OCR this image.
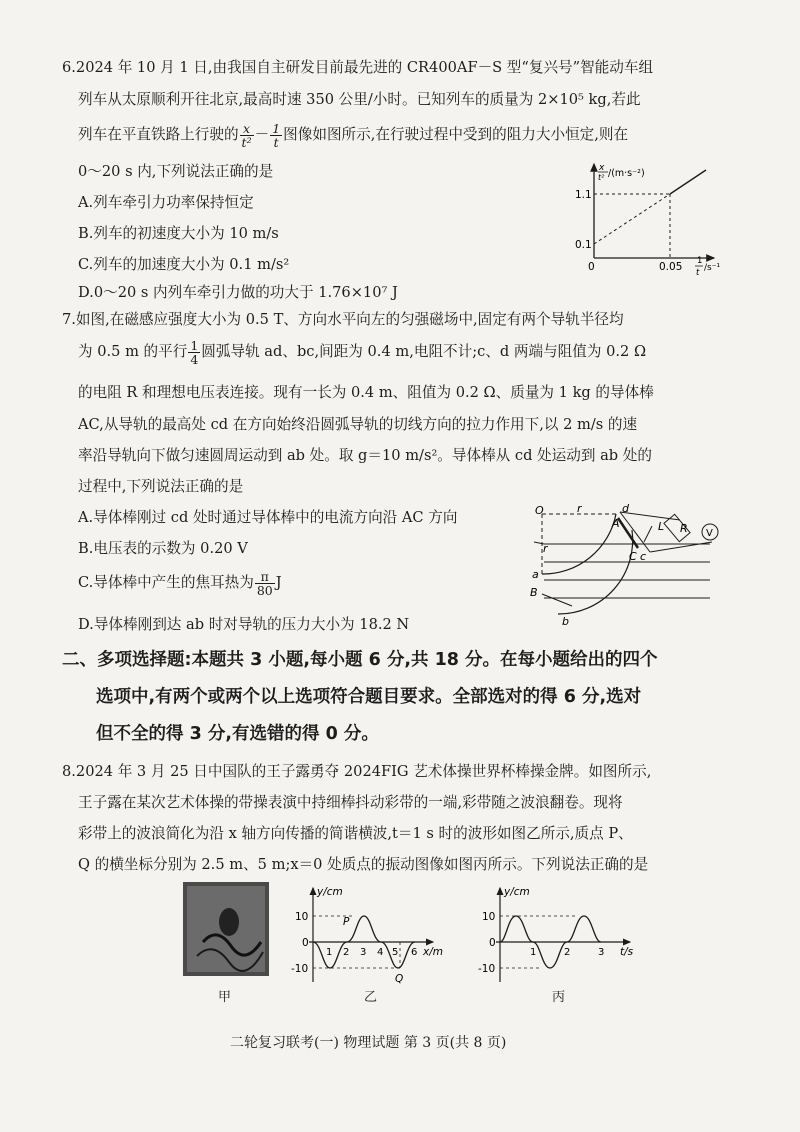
6.2024 年 10 月 1 日,由我国自主研发目前最先进的 CR400AF－S 型“复兴号”智能动车组
列车从太原顺利开往北京,最高时速 350 公里/小时。已知列车的质量为 2×10⁵ kg,若此
列车在平直铁路上行驶的 $\frac{x}{\text{t²}} - \frac{1}{t}$ 图像如图所示,在行驶过程中受到的阻力大小恒定,则在
0～20 s 内,下列说法正确的是
A.列车牵引力功率保持恒定
B.列车的初速度大小为 10 m/s
C.列车的加速度大小为 0.1 m/s²
D.0～20 s 内列车牵引力做的功大于 1.76×10⁷ J
x
t² /(m·s⁻²)
1.1
0.1
0	0.05 1
t /s⁻¹
7.如图,在磁感应强度大小为 0.5 T、方向水平向左的匀强磁场中,固定有两个导轨半径均
为 0.5 m 的平行 $\frac{1}{4}$ 圆弧导轨 ad、bc,间距为 0.4 m,电阻不计;c、d 两端与阻值为 0.2 Ω
的电阻 R 和理想电压表连接。现有一长为 0.4 m、阻值为 0.2 Ω、质量为 1 kg 的导体棒
AC,从导轨的最高处 cd 在方向始终沿圆弧导轨的切线方向的拉力作用下,以 2 m/s 的速
率沿导轨向下做匀速圆周运动到 ab 处。取 g＝10 m/s²。导体棒从 cd 处运动到 ab 处的
过程中,下列说法正确的是
A.导体棒刚过 cd 处时通过导体棒中的电流方向沿 AC 方向
B.电压表的示数为 0.20 V
C.导体棒中产生的焦耳热为 $\frac{\pi}{80}$ J
D.导体棒刚到达 ab 时对导轨的压力大小为 18.2 N
O	r
r
d
A
C c
L R V
a
B
b
二、多项选择题:本题共 3 小题,每小题 6 分,共 18 分。在每小题给出的四个
选项中,有两个或两个以上选项符合题目要求。全部选对的得 6 分,选对
但不全的得 3 分,有选错的得 0 分。
8.2024 年 3 月 25 日中国队的王子露勇夺 2024FIG 艺术体操世界杯棒操金牌。如图所示,
王子露在某次艺术体操的带操表演中持细棒抖动彩带的一端,彩带随之波浪翻卷。现将
彩带上的波浪简化为沿 x 轴方向传播的简谐横波,t＝1 s 时的波形如图乙所示,质点 P、
Q 的横坐标分别为 2.5 m、5 m;x＝0 处质点的振动图像如图丙所示。下列说法正确的是
甲
y/cm
10
-10
0
1 2 3 4 5 6 x/m
P
Q
乙
y/cm
10
-10
0
1	2	3 t/s
丙
二轮复习联考(一) 物理试题 第 3 页(共 8 页)
